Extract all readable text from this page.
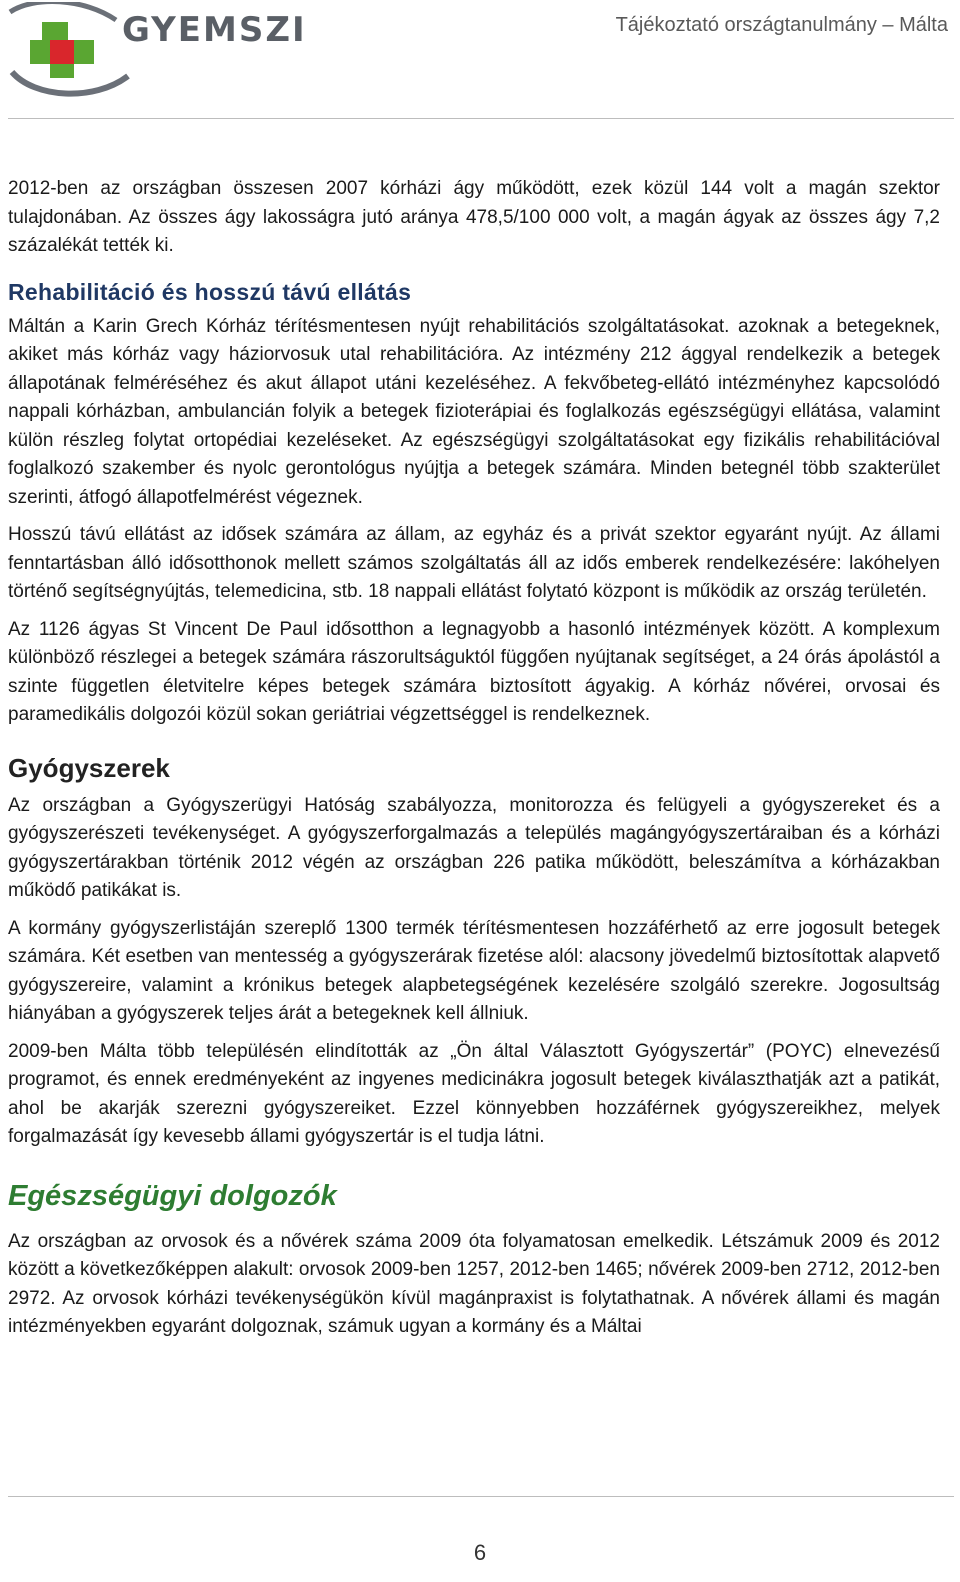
GYEMSZI	Tájékoztató országtanulmány – Málta

2012-ben az országban összesen 2007 kórházi ágy működött, ezek közül 144 volt a magán szektor tulajdonában. Az összes ágy lakosságra jutó aránya 478,5/100 000 volt, a magán ágyak az összes ágy 7,2 százalékát tették ki.

Rehabilitáció és hosszú távú ellátás

Máltán a Karin Grech Kórház térítésmentesen nyújt rehabilitációs szolgáltatásokat. azoknak a betegeknek, akiket más kórház vagy háziorvosuk utal rehabilitációra. Az intézmény 212 ággyal rendelkezik a betegek állapotának felméréséhez és akut állapot utáni kezeléséhez. A fekvőbeteg-ellátó intézményhez kapcsolódó nappali kórházban, ambulancián folyik a betegek fizioterápiai és foglalkozás egészségügyi ellátása, valamint külön részleg folytat ortopédiai kezeléseket. Az egészségügyi szolgáltatásokat egy fizikális rehabilitációval foglalkozó szakember és nyolc gerontológus nyújtja a betegek számára. Minden betegnél több szakterület szerinti, átfogó állapotfelmérést végeznek.

Hosszú távú ellátást az idősek számára az állam, az egyház és a privát szektor egyaránt nyújt. Az állami fenntartásban álló idősotthonok mellett számos szolgáltatás áll az idős emberek rendelkezésére: lakóhelyen történő segítségnyújtás, telemedicina, stb. 18 nappali ellátást folytató központ is működik az ország területén.

Az 1126 ágyas St Vincent De Paul idősotthon a legnagyobb a hasonló intézmények között. A komplexum különböző részlegei a betegek számára rászorultságuktól függően nyújtanak segítséget, a 24 órás ápolástól a szinte független életvitelre képes betegek számára biztosított ágyakig. A kórház nővérei, orvosai és paramedikális dolgozói közül sokan geriátriai végzettséggel is rendelkeznek.

Gyógyszerek

Az országban a Gyógyszerügyi Hatóság szabályozza, monitorozza és felügyeli a gyógyszereket és a gyógyszerészeti tevékenységet. A gyógyszerforgalmazás a település magángyógyszertáraiban és a kórházi gyógyszertárakban történik 2012 végén az országban 226 patika működött, beleszámítva a kórházakban működő patikákat is.

A kormány gyógyszerlistáján szereplő 1300 termék térítésmentesen hozzáférhető az erre jogosult betegek számára. Két esetben van mentesség a gyógyszerárak fizetése alól: alacsony jövedelmű biztosítottak alapvető gyógyszereire, valamint a krónikus betegek alapbetegségének kezelésére szolgáló szerekre. Jogosultság hiányában a gyógyszerek teljes árát a betegeknek kell állniuk.

2009-ben Málta több településén elindították az „Ön által Választott Gyógyszertár” (POYC) elnevezésű programot, és ennek eredményeként az ingyenes medicinákra jogosult betegek kiválaszthatják azt a patikát, ahol be akarják szerezni gyógyszereiket. Ezzel könnyebben hozzáférnek gyógyszereikhez, melyek forgalmazását így kevesebb állami gyógyszertár is el tudja látni.

Egészségügyi dolgozók

Az országban az orvosok és a nővérek száma 2009 óta folyamatosan emelkedik. Létszámuk 2009 és 2012 között a következőképpen alakult: orvosok 2009-ben 1257, 2012-ben 1465; nővérek 2009-ben 2712, 2012-ben 2972. Az orvosok kórházi tevékenységükön kívül magánpraxist is folytathatnak. A nővérek állami és magán intézményekben egyaránt dolgoznak, számuk ugyan a kormány és a Máltai

6
